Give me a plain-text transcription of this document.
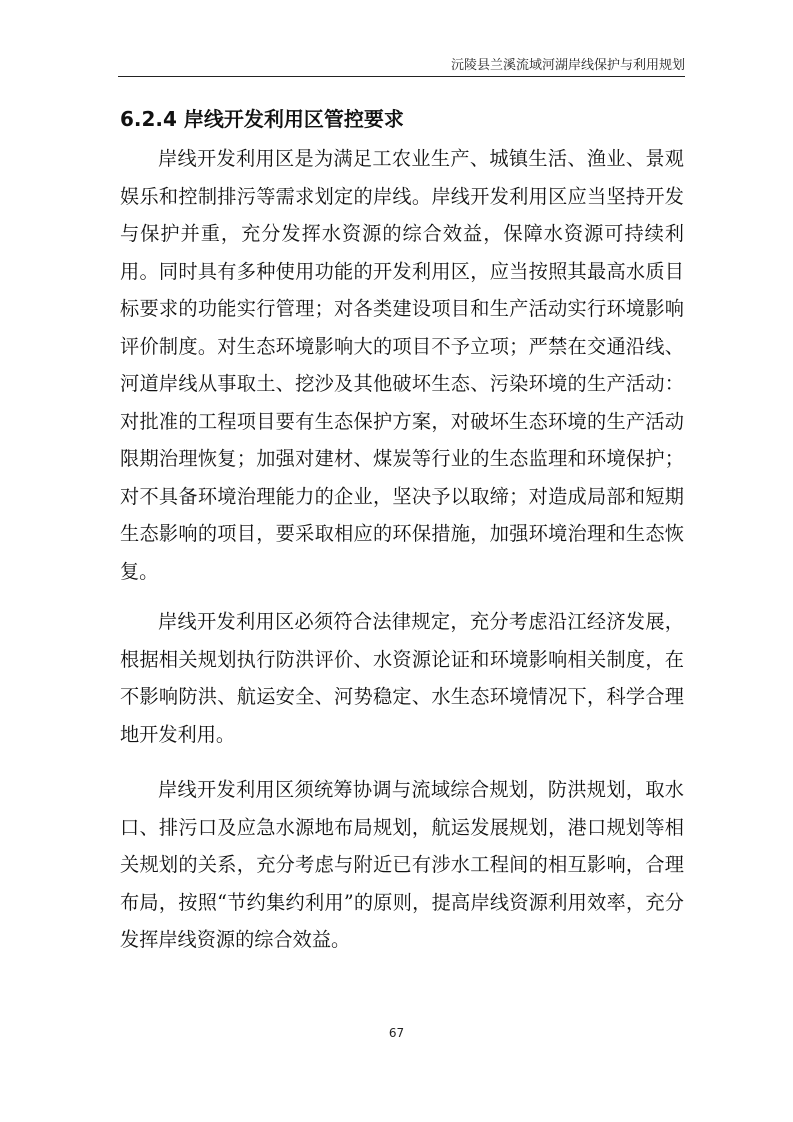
沅陵县兰溪流域河湖岸线保护与利用规划
6.2.4 岸线开发利用区管控要求

岸线开发利用区是为满足工农业生产、城镇生活、渔业、景观娱乐和控制排污等需求划定的岸线。岸线开发利用区应当坚持开发与保护并重，充分发挥水资源的综合效益，保障水资源可持续利用。同时具有多种使用功能的开发利用区，应当按照其最高水质目标要求的功能实行管理；对各类建设项目和生产活动实行环境影响评价制度。对生态环境影响大的项目不予立项；严禁在交通沿线、河道岸线从事取土、挖沙及其他破坏生态、污染环境的生产活动：对批准的工程项目要有生态保护方案，对破坏生态环境的生产活动限期治理恢复；加强对建材、煤炭等行业的生态监理和环境保护；对不具备环境治理能力的企业，坚决予以取缔；对造成局部和短期生态影响的项目，要采取相应的环保措施，加强环境治理和生态恢复。

岸线开发利用区必须符合法律规定，充分考虑沿江经济发展，根据相关规划执行防洪评价、水资源论证和环境影响相关制度，在不影响防洪、航运安全、河势稳定、水生态环境情况下，科学合理地开发利用。

岸线开发利用区须统筹协调与流域综合规划，防洪规划，取水口、排污口及应急水源地布局规划，航运发展规划，港口规划等相关规划的关系，充分考虑与附近已有涉水工程间的相互影响，合理布局，按照“节约集约利用”的原则，提高岸线资源利用效率，充分发挥岸线资源的综合效益。

67
